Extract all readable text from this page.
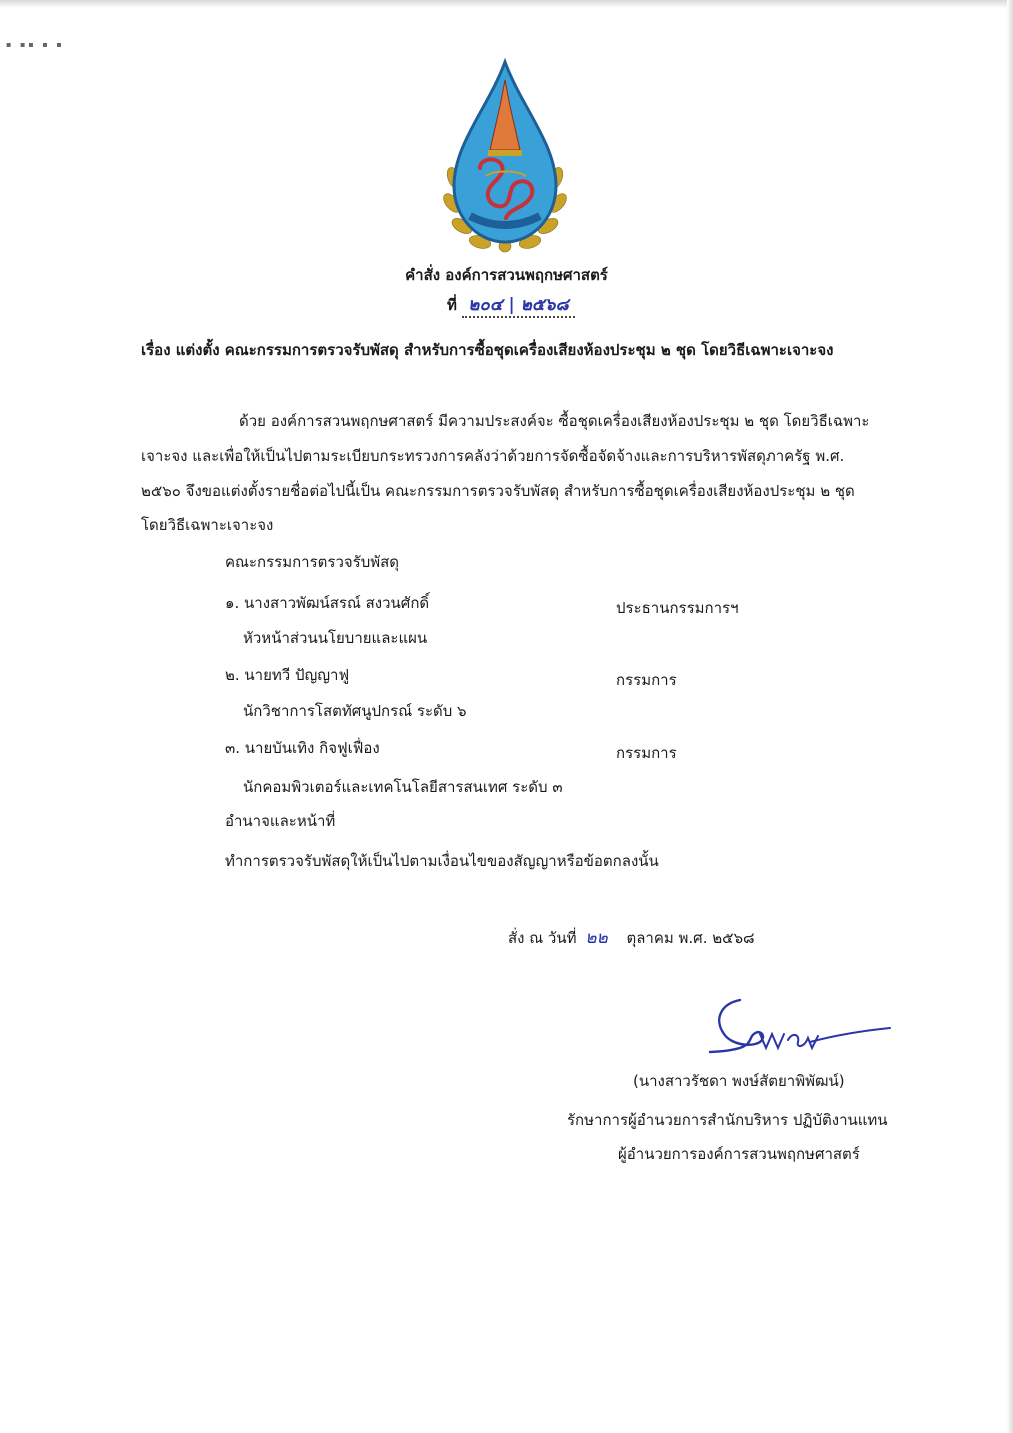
▪ ▪▪ ▪ ▪
คำสั่ง องค์การสวนพฤกษศาสตร์
ที่ ๒๐๔ | ๒๕๖๘
เรื่อง แต่งตั้ง คณะกรรมการตรวจรับพัสดุ สำหรับการซื้อชุดเครื่องเสียงห้องประชุม ๒ ชุด โดยวิธีเฉพาะเจาะจง
ด้วย องค์การสวนพฤกษศาสตร์ มีความประสงค์จะ ซื้อชุดเครื่องเสียงห้องประชุม ๒ ชุด โดยวิธีเฉพาะ
เจาะจง และเพื่อให้เป็นไปตามระเบียบกระทรวงการคลังว่าด้วยการจัดซื้อจัดจ้างและการบริหารพัสดุภาครัฐ พ.ศ.
๒๕๖๐ จึงขอแต่งตั้งรายชื่อต่อไปนี้เป็น คณะกรรมการตรวจรับพัสดุ สำหรับการซื้อชุดเครื่องเสียงห้องประชุม ๒ ชุด
โดยวิธีเฉพาะเจาะจง
คณะกรรมการตรวจรับพัสดุ
๑. นางสาวพัฒน์สรณ์ สงวนศักดิ์	ประธานกรรมการฯ
หัวหน้าส่วนนโยบายและแผน
๒. นายทวี ปัญญาฟู	กรรมการ
นักวิชาการโสตทัศนูปกรณ์ ระดับ ๖
๓. นายบันเทิง กิจฟูเฟื่อง	กรรมการ
นักคอมพิวเตอร์และเทคโนโลยีสารสนเทศ ระดับ ๓
อำนาจและหน้าที่
ทำการตรวจรับพัสดุให้เป็นไปตามเงื่อนไขของสัญญาหรือข้อตกลงนั้น
สั่ง ณ วันที่ ๒๒ ตุลาคม พ.ศ. ๒๕๖๘
(นางสาวรัชดา พงษ์สัตยาพิพัฒน์)
รักษาการผู้อำนวยการสำนักบริหาร ปฏิบัติงานแทน
ผู้อำนวยการองค์การสวนพฤกษศาสตร์
